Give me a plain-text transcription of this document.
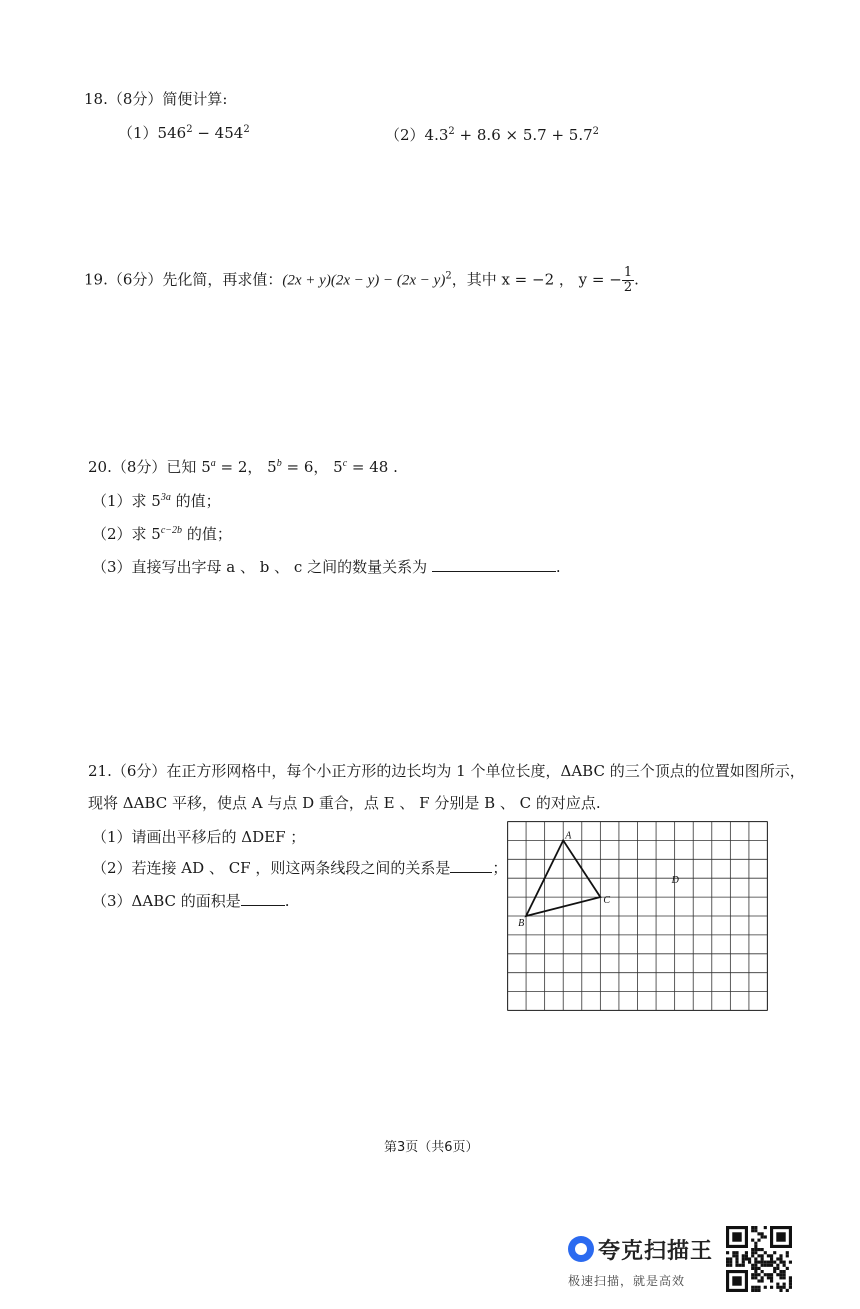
18.（8分）简便计算:
$(1)546^2 - 454^2$	$(2)4.3^2 + 8.6 \times 5.7 + 5.7^2$
19.（6分）先化简，再求值：$(2x + y)(2x - y) - (2x - y)^2$，其中 x = −2 ， y = − $\frac{1}{2}$ .
20.（8分）已知 $5^a = 2$， $5^b = 6$， $5^c = 48$ .
（1）求 $5^{3a}$ 的值；
（2）求 $5^{c-2b}$ 的值；
（3）直接写出字母 a 、 b 、 c 之间的数量关系为	.
21.（6分）在正方形网格中，每个小正方形的边长均为 1 个单位长度，ΔABC 的三个顶点的位置如图所示，
现将 ΔABC 平移，使点 A 与点 D 重合，点 E 、 F 分别是 B 、 C 的对应点.
（1）请画出平移后的 ΔDEF ；
（2）若连接 AD 、 CF ，则这两条线段之间的关系是	；
（3）ΔABC 的面积是	.
A
B
C
D
第3页（共6页）
夸克扫描王
极速扫描，就是高效
